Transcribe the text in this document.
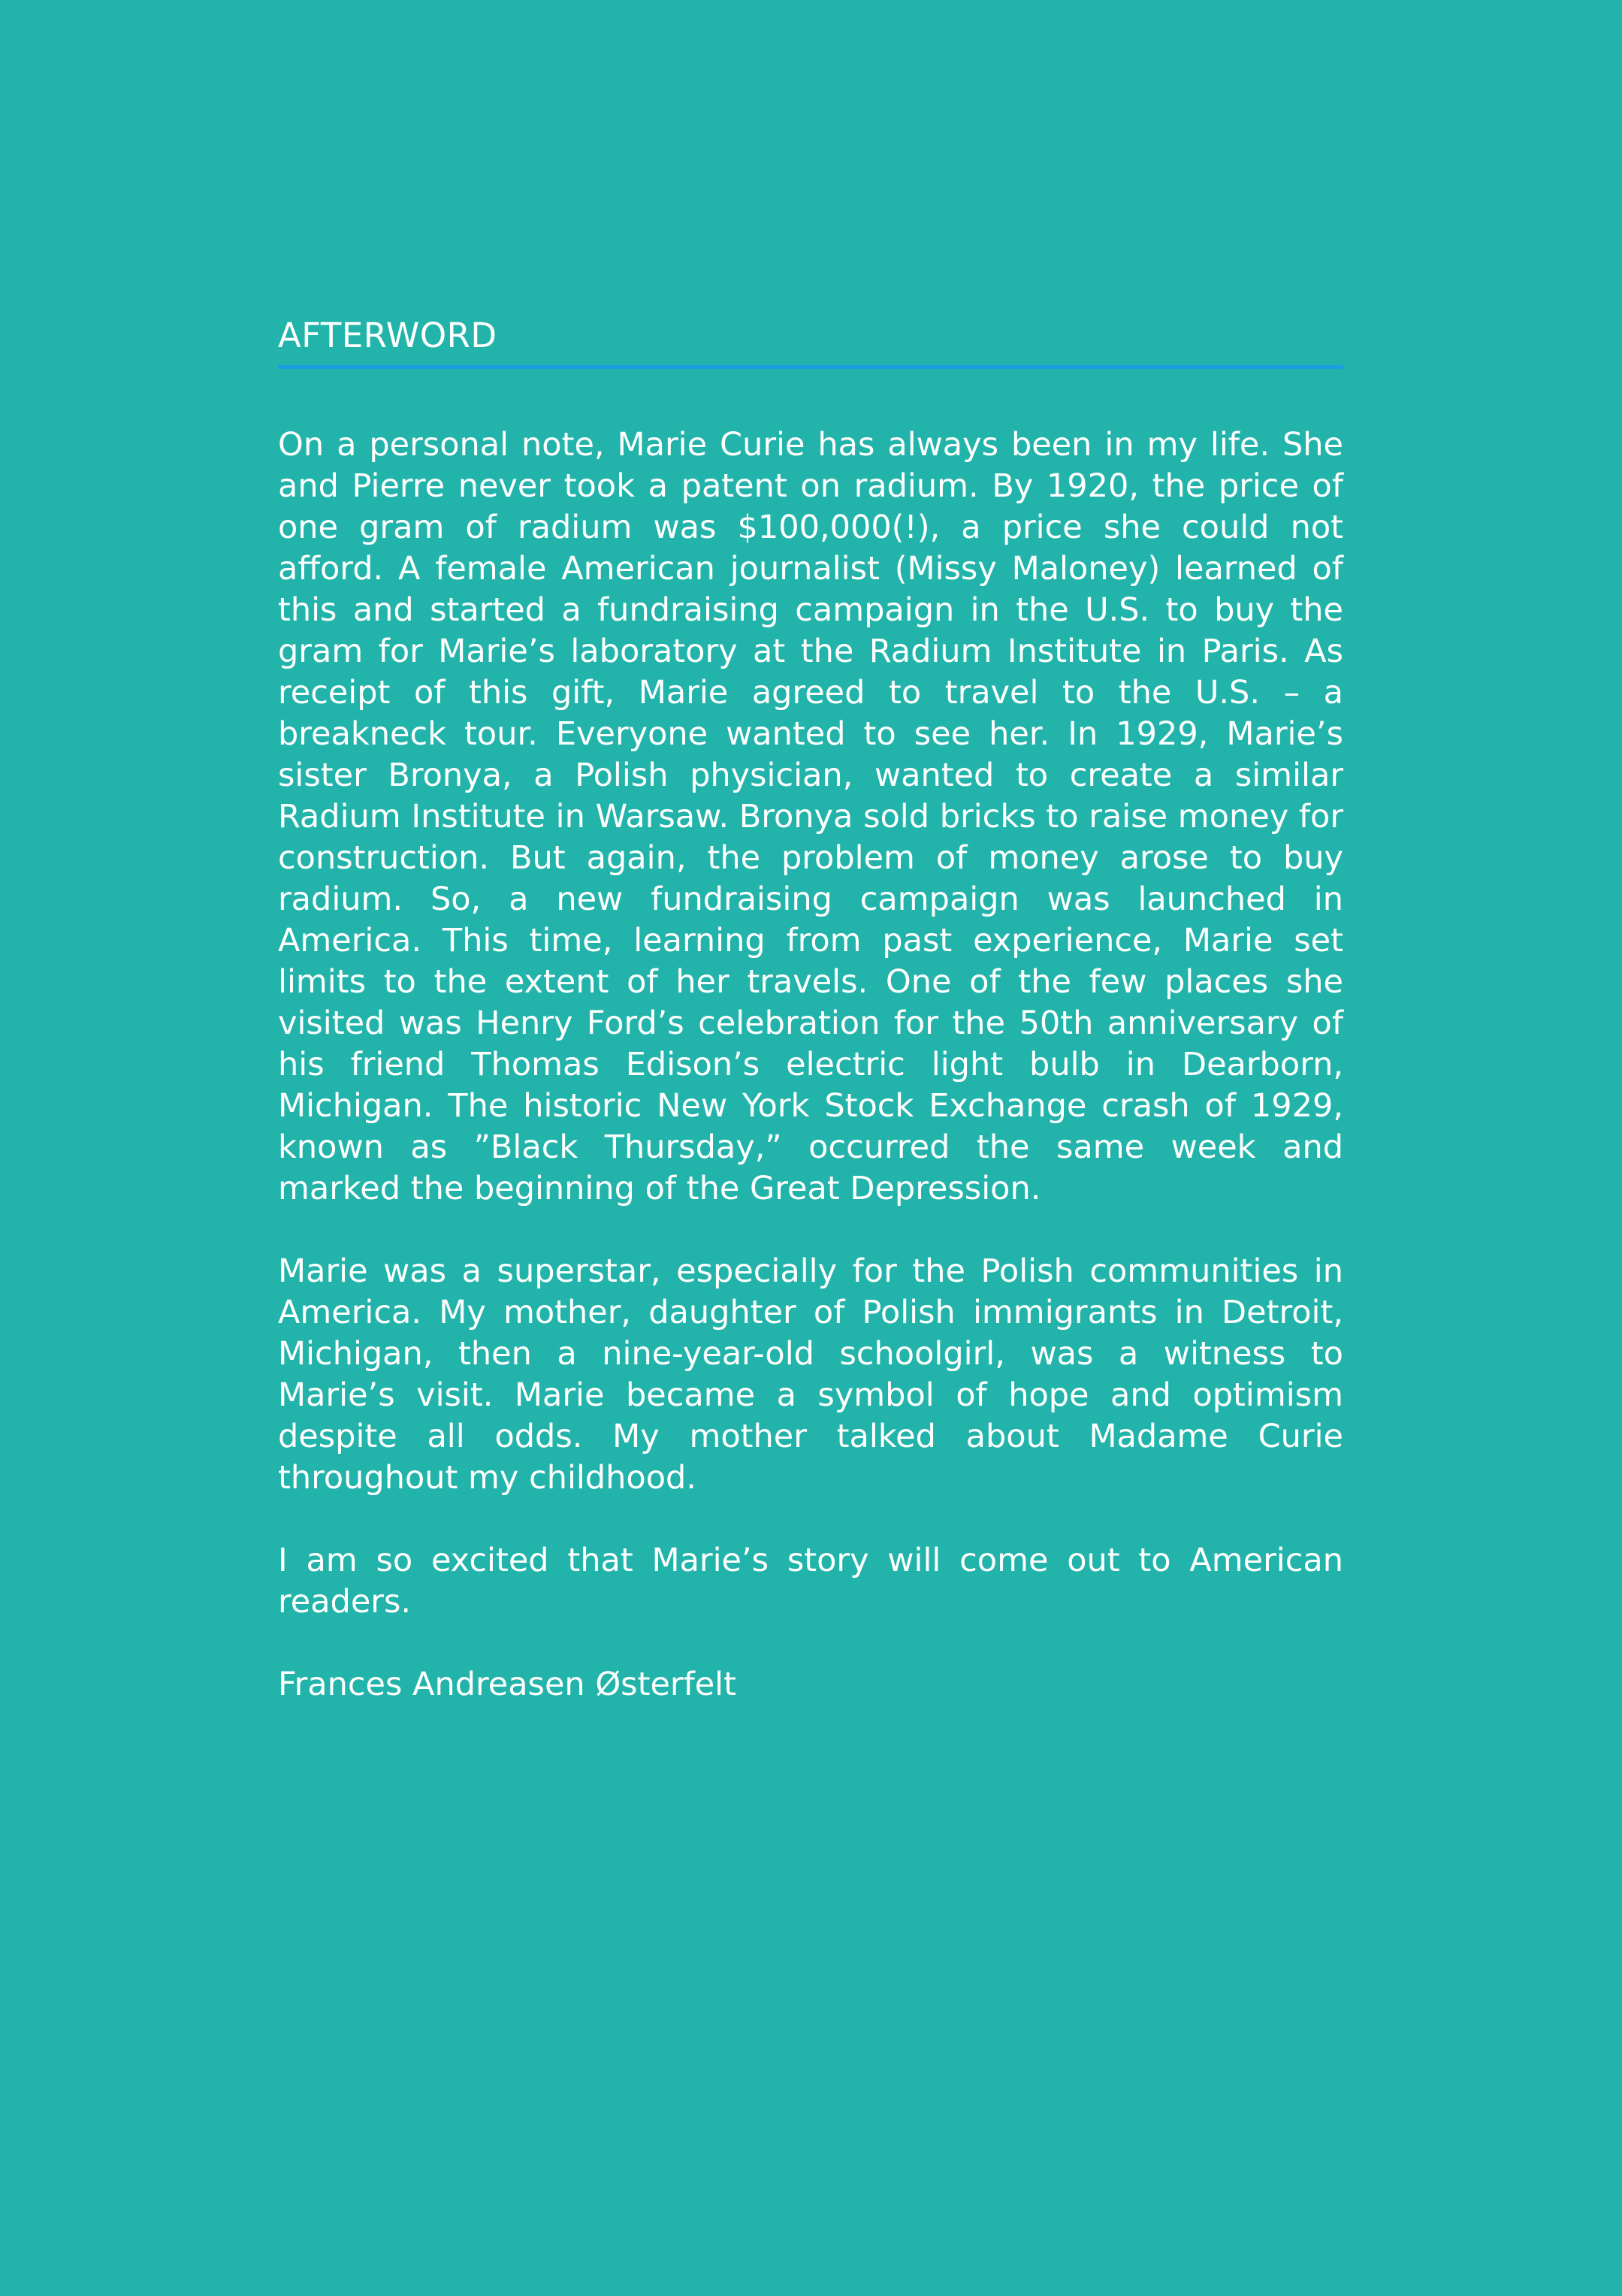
AFTERWORD

On a personal note, Marie Curie has always been in my life. She and Pierre never took a patent on radium. By 1920, the price of one gram of radium was $100,000(!), a price she could not afford. A female American journalist (Missy Maloney) learned of this and started a fundraising campaign in the U.S. to buy the gram for Marie’s laboratory at the Radium Institute in Paris. As receipt of this gift, Marie agreed to travel to the U.S. – a breakneck tour. Everyone wanted to see her. In 1929, Marie’s sister Bronya, a Polish physician, wanted to create a similar Radium Institute in Warsaw. Bronya sold bricks to raise money for construction. But again, the problem of money arose to buy radium. So, a new fundraising campaign was launched in America. This time, learning from past experience, Marie set limits to the extent of her travels. One of the few places she visited was Henry Ford’s celebration for the 50th anniversary of his friend Thomas Edison’s electric light bulb in Dearborn, Michigan. The historic New York Stock Exchange crash of 1929, known as ”Black Thursday,” occurred the same week and marked the beginning of the Great Depression.

Marie was a superstar, especially for the Polish communities in America. My mother, daughter of Polish immigrants in Detroit, Michigan, then a nine-year-old schoolgirl, was a witness to Marie’s visit. Marie became a symbol of hope and optimism despite all odds. My mother talked about Madame Curie throughout my childhood.

I am so excited that Marie’s story will come out to American readers.

Frances Andreasen Østerfelt
